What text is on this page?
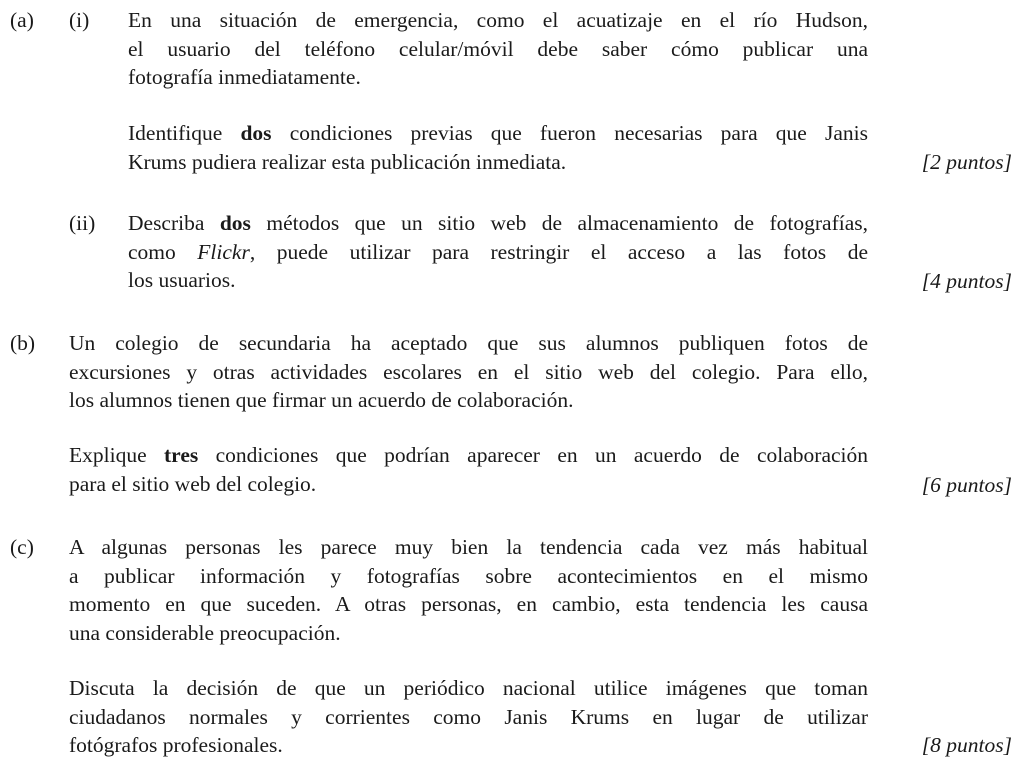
(a) (i) En una situación de emergencia, como el acuatizaje en el río Hudson,
el usuario del teléfono celular/móvil debe saber cómo publicar una
fotografía inmediatamente.
Identifique dos condiciones previas que fueron necesarias para que Janis
Krums pudiera realizar esta publicación inmediata.	[2 puntos]
(ii) Describa dos métodos que un sitio web de almacenamiento de fotografías,
como Flickr, puede utilizar para restringir el acceso a las fotos de
los usuarios.	[4 puntos]
(b) Un colegio de secundaria ha aceptado que sus alumnos publiquen fotos de
excursiones y otras actividades escolares en el sitio web del colegio. Para ello,
los alumnos tienen que firmar un acuerdo de colaboración.
Explique tres condiciones que podrían aparecer en un acuerdo de colaboración
para el sitio web del colegio.	[6 puntos]
(c) A algunas personas les parece muy bien la tendencia cada vez más habitual
a publicar información y fotografías sobre acontecimientos en el mismo
momento en que suceden. A otras personas, en cambio, esta tendencia les causa
una considerable preocupación.
Discuta la decisión de que un periódico nacional utilice imágenes que toman
ciudadanos normales y corrientes como Janis Krums en lugar de utilizar
fotógrafos profesionales.	[8 puntos]
